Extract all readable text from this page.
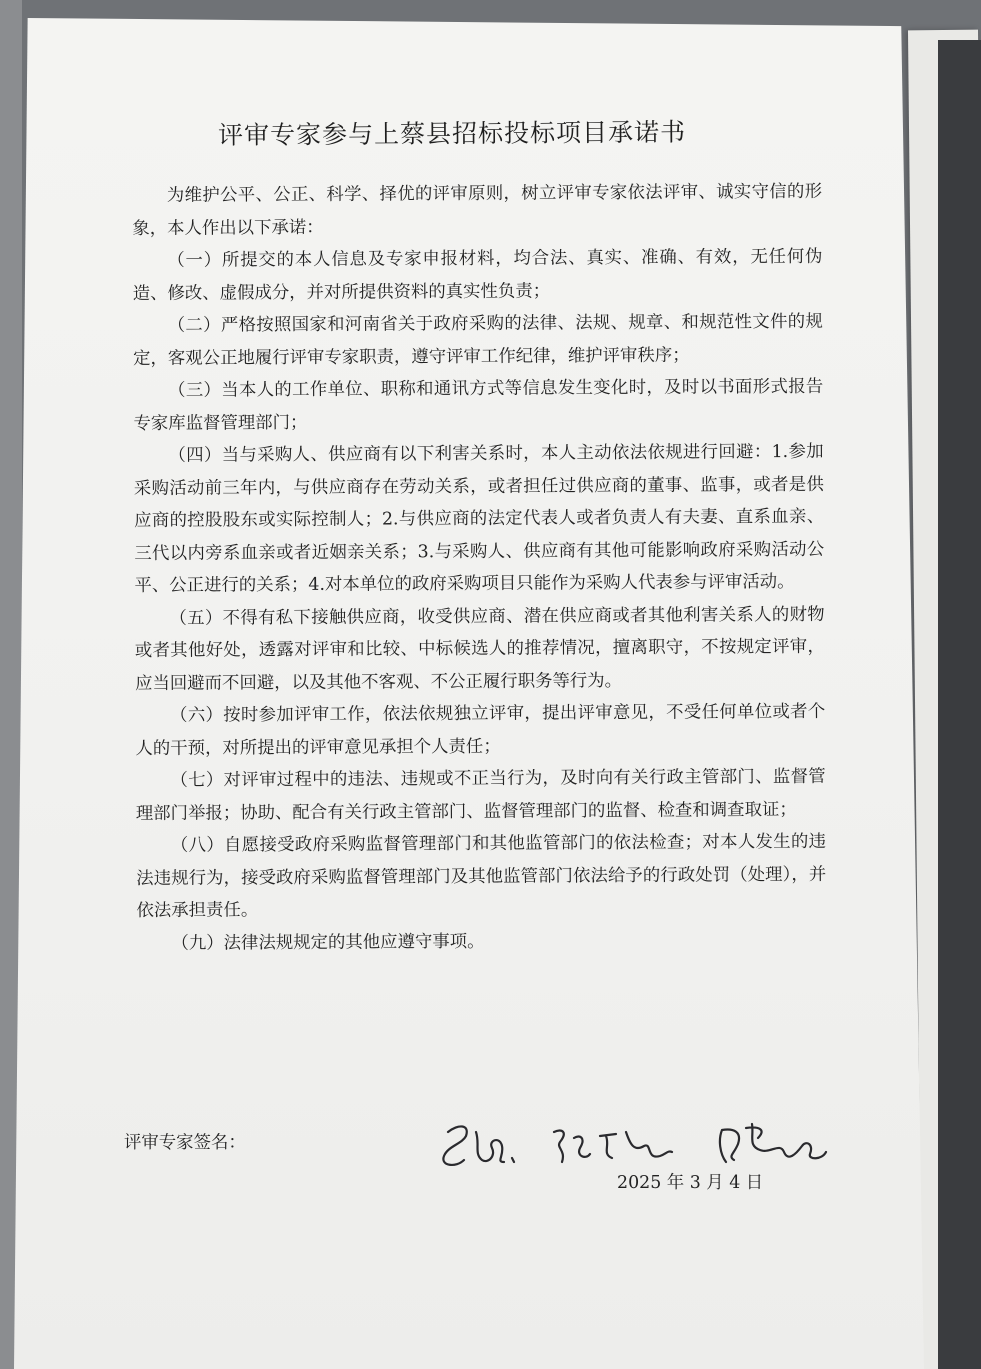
评审专家参与上蔡县招标投标项目承诺书

为维护公平、公正、科学、择优的评审原则，树立评审专家依法评审、诚实守信的形象，本人作出以下承诺：

（一）所提交的本人信息及专家申报材料，均合法、真实、准确、有效，无任何伪造、修改、虚假成分，并对所提供资料的真实性负责；

（二）严格按照国家和河南省关于政府采购的法律、法规、规章、和规范性文件的规定，客观公正地履行评审专家职责，遵守评审工作纪律，维护评审秩序；

（三）当本人的工作单位、职称和通讯方式等信息发生变化时，及时以书面形式报告专家库监督管理部门；

（四）当与采购人、供应商有以下利害关系时，本人主动依法依规进行回避：1.参加采购活动前三年内，与供应商存在劳动关系，或者担任过供应商的董事、监事，或者是供应商的控股股东或实际控制人；2.与供应商的法定代表人或者负责人有夫妻、直系血亲、三代以内旁系血亲或者近姻亲关系；3.与采购人、供应商有其他可能影响政府采购活动公平、公正进行的关系；4.对本单位的政府采购项目只能作为采购人代表参与评审活动。

（五）不得有私下接触供应商，收受供应商、潜在供应商或者其他利害关系人的财物或者其他好处，透露对评审和比较、中标候选人的推荐情况，擅离职守，不按规定评审，应当回避而不回避，以及其他不客观、不公正履行职务等行为。

（六）按时参加评审工作，依法依规独立评审，提出评审意见，不受任何单位或者个人的干预，对所提出的评审意见承担个人责任；

（七）对评审过程中的违法、违规或不正当行为，及时向有关行政主管部门、监督管理部门举报；协助、配合有关行政主管部门、监督管理部门的监督、检查和调查取证；

（八）自愿接受政府采购监督管理部门和其他监管部门的依法检查；对本人发生的违法违规行为，接受政府采购监督管理部门及其他监管部门依法给予的行政处罚（处理），并依法承担责任。

（九）法律法规规定的其他应遵守事项。

评审专家签名：
2025 年 3 月 4 日
